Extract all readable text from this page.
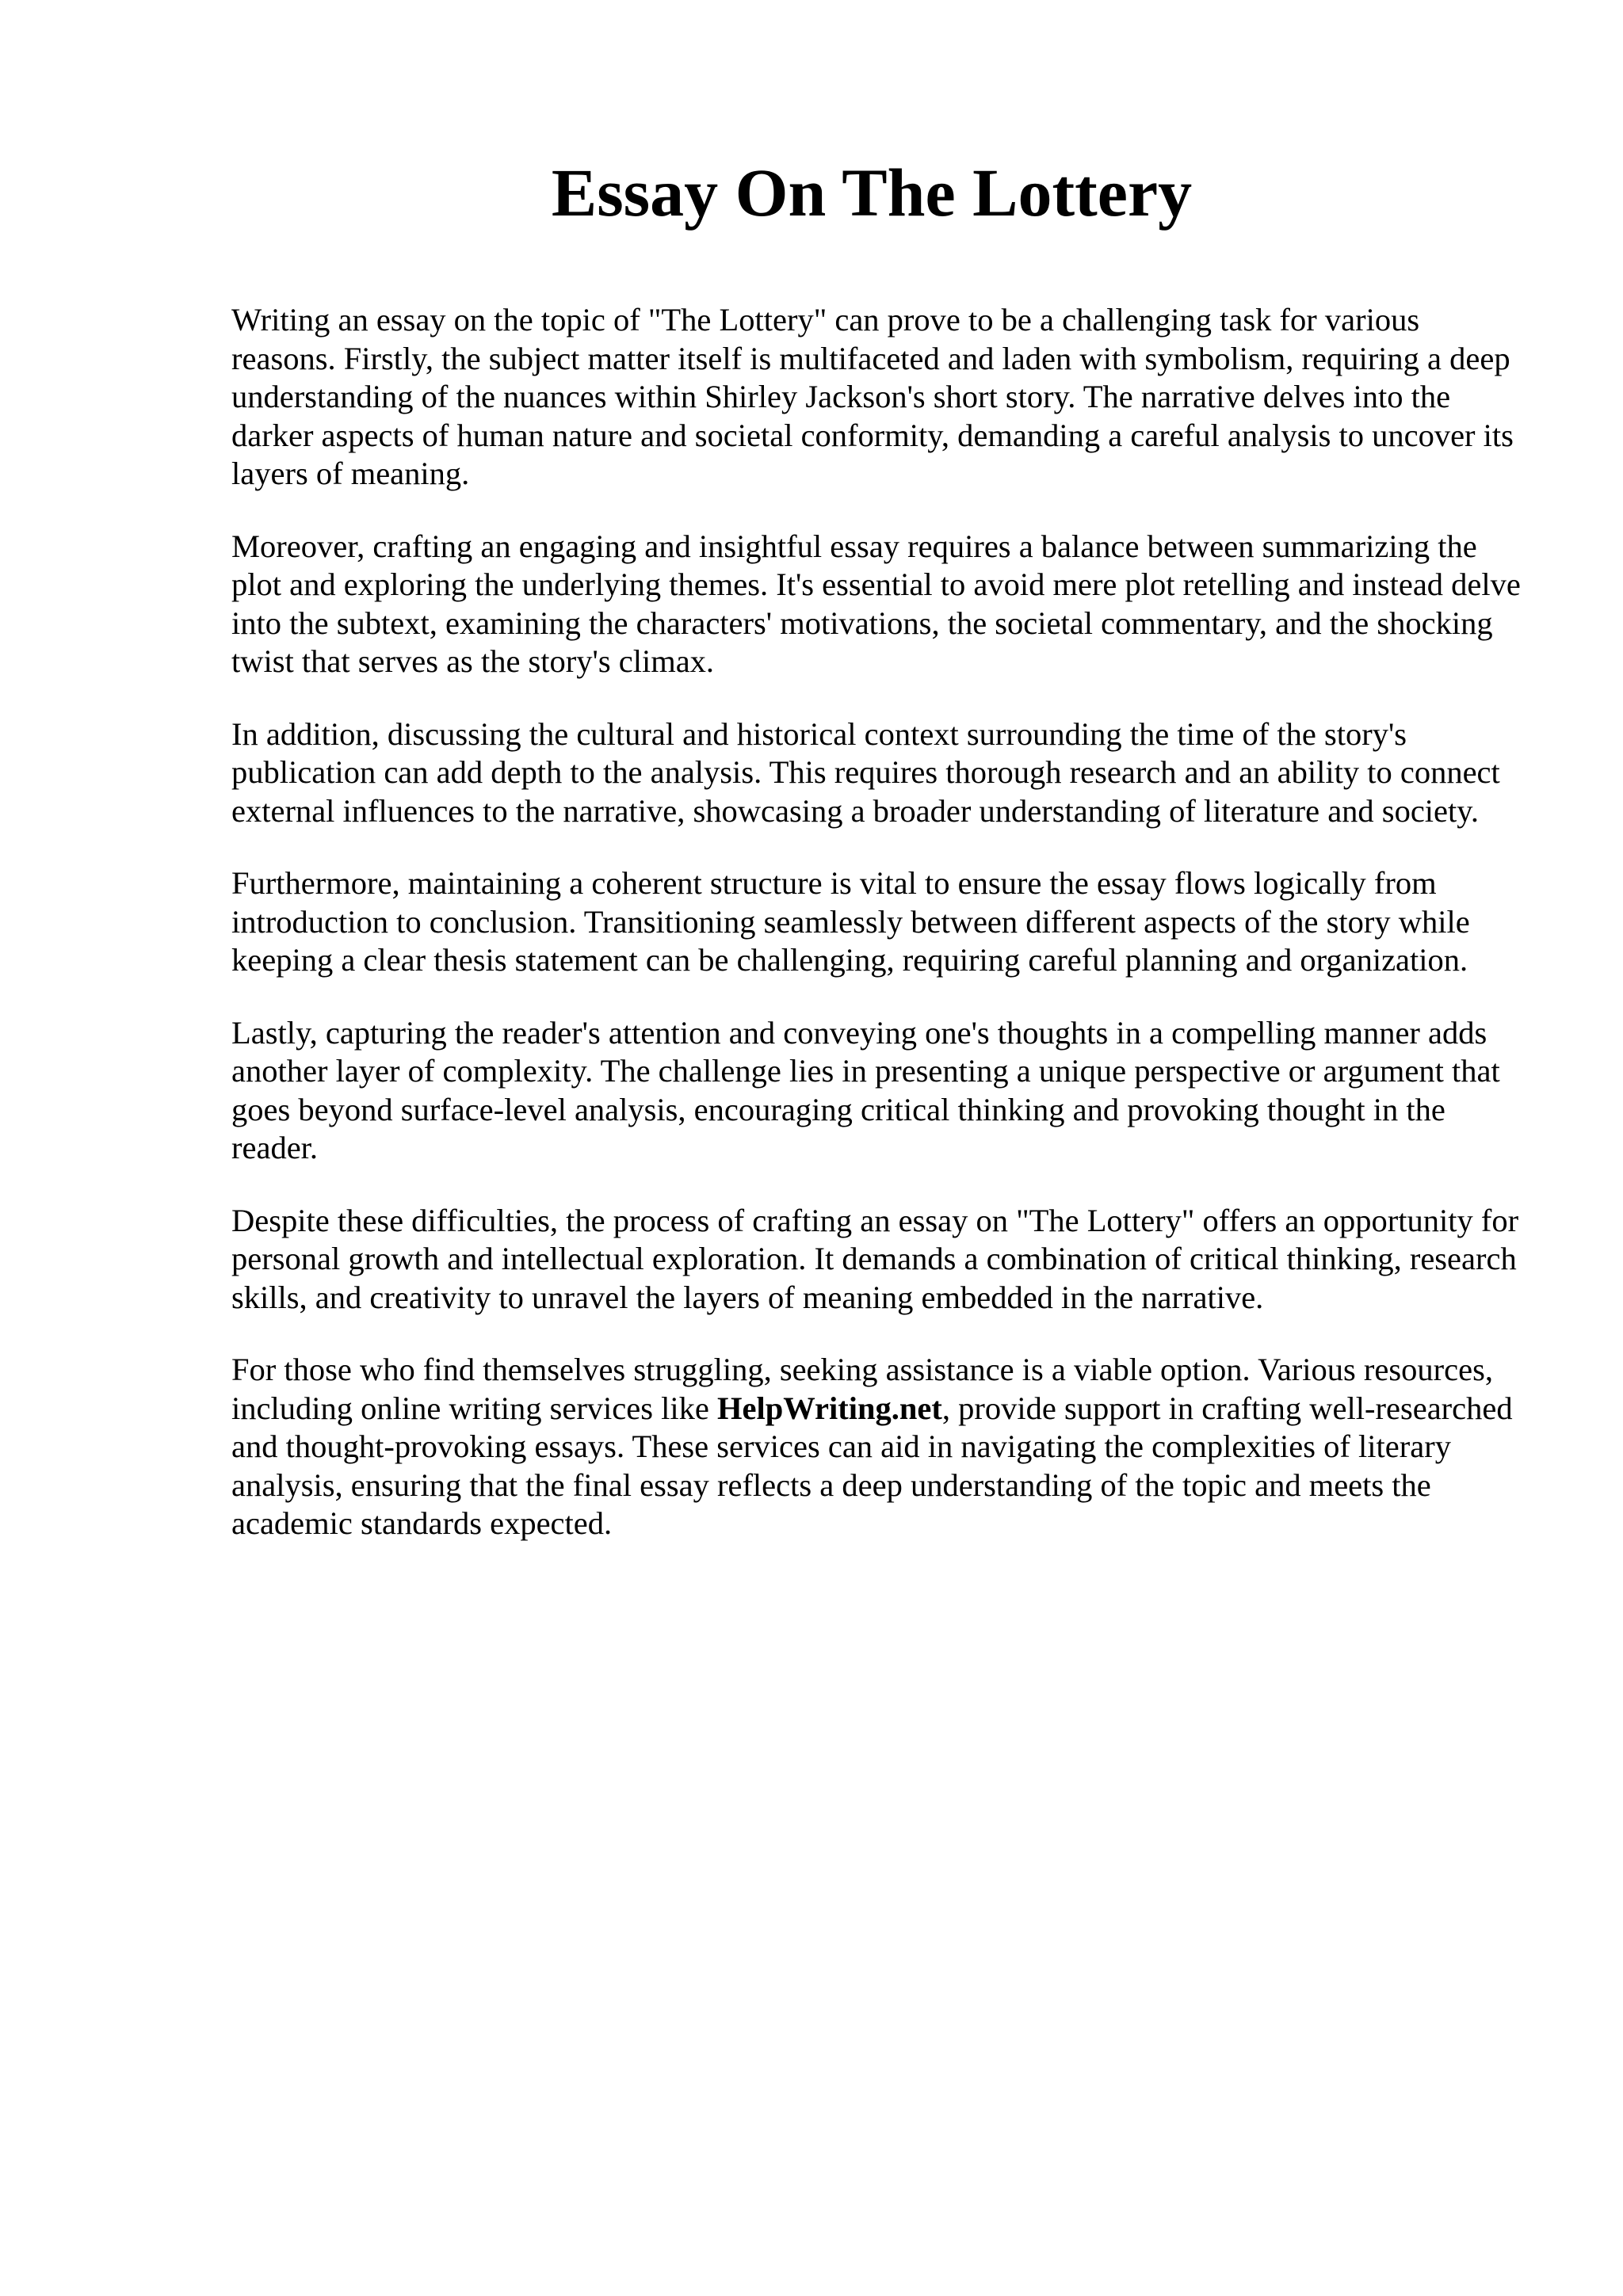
Essay On The Lottery

Writing an essay on the topic of "The Lottery" can prove to be a challenging task for various reasons. Firstly, the subject matter itself is multifaceted and laden with symbolism, requiring a deep understanding of the nuances within Shirley Jackson's short story. The narrative delves into the darker aspects of human nature and societal conformity, demanding a careful analysis to uncover its layers of meaning.

Moreover, crafting an engaging and insightful essay requires a balance between summarizing the plot and exploring the underlying themes. It's essential to avoid mere plot retelling and instead delve into the subtext, examining the characters' motivations, the societal commentary, and the shocking twist that serves as the story's climax.

In addition, discussing the cultural and historical context surrounding the time of the story's publication can add depth to the analysis. This requires thorough research and an ability to connect external influences to the narrative, showcasing a broader understanding of literature and society.

Furthermore, maintaining a coherent structure is vital to ensure the essay flows logically from introduction to conclusion. Transitioning seamlessly between different aspects of the story while keeping a clear thesis statement can be challenging, requiring careful planning and organization.

Lastly, capturing the reader's attention and conveying one's thoughts in a compelling manner adds another layer of complexity. The challenge lies in presenting a unique perspective or argument that goes beyond surface-level analysis, encouraging critical thinking and provoking thought in the reader.

Despite these difficulties, the process of crafting an essay on "The Lottery" offers an opportunity for personal growth and intellectual exploration. It demands a combination of critical thinking, research skills, and creativity to unravel the layers of meaning embedded in the narrative.

For those who find themselves struggling, seeking assistance is a viable option. Various resources, including online writing services like HelpWriting.net, provide support in crafting well-researched and thought-provoking essays. These services can aid in navigating the complexities of literary analysis, ensuring that the final essay reflects a deep understanding of the topic and meets the academic standards expected.
